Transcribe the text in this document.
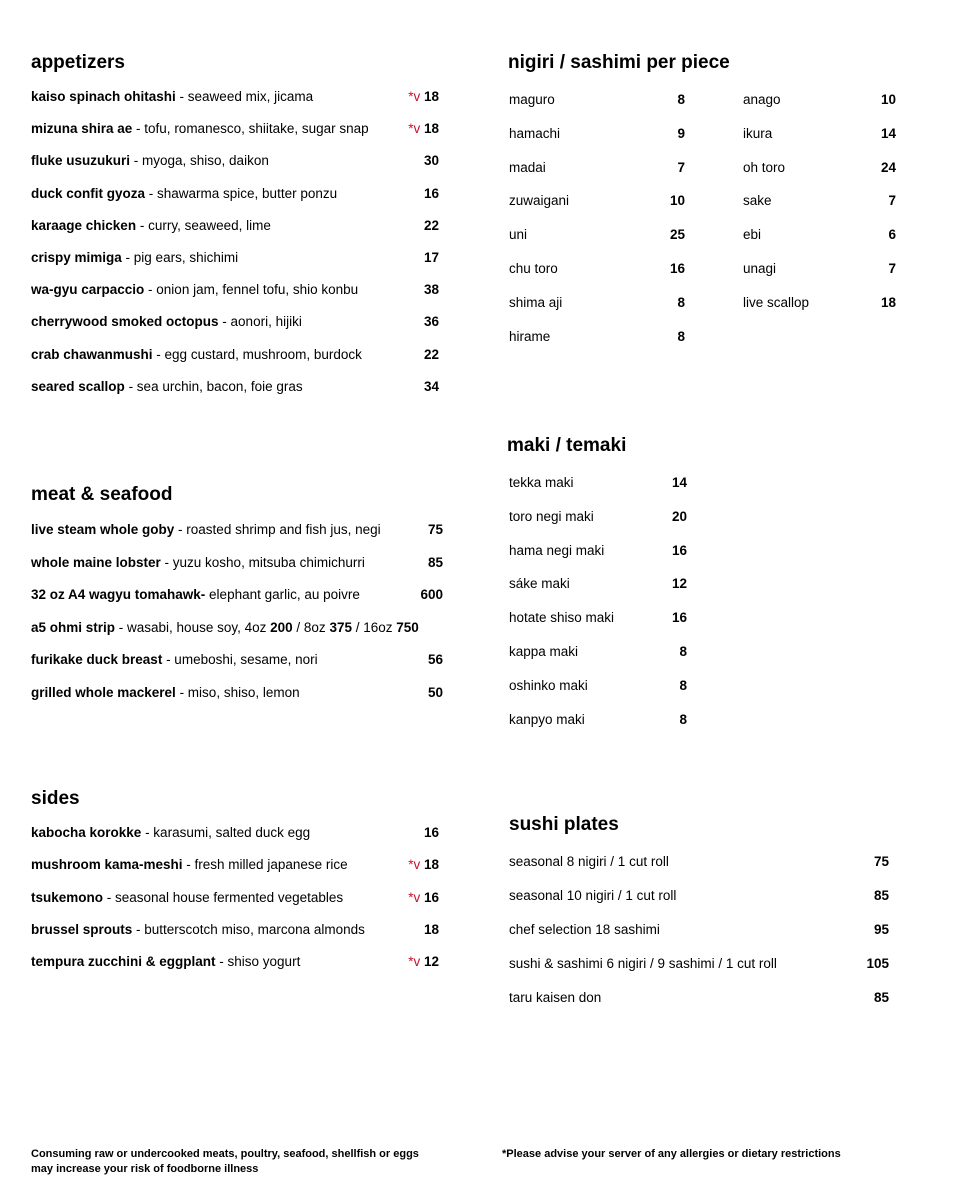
appetizers
kaiso spinach ohitashi - seaweed mix, jicama	*v 18
mizuna shira ae - tofu, romanesco, shiitake, sugar snap	*v 18
fluke usuzukuri - myoga, shiso, daikon	30
duck confit gyoza - shawarma spice, butter ponzu	16
karaage chicken - curry, seaweed, lime	22
crispy mimiga - pig ears, shichimi	17
wa-gyu carpaccio - onion jam, fennel tofu, shio konbu	38
cherrywood smoked octopus - aonori, hijiki	36
crab chawanmushi - egg custard, mushroom, burdock	22
seared scallop - sea urchin, bacon, foie gras	34
meat & seafood
live steam whole goby - roasted shrimp and fish jus, negi	75
whole maine lobster - yuzu kosho, mitsuba chimichurri	85
32 oz A4 wagyu tomahawk- elephant garlic, au poivre	600
a5 ohmi strip - wasabi, house soy, 4oz 200 / 8oz 375 / 16oz 750
furikake duck breast - umeboshi, sesame, nori	56
grilled whole mackerel - miso, shiso, lemon	50
sides
kabocha korokke - karasumi, salted duck egg	16
mushroom kama-meshi - fresh milled japanese rice	*v 18
tsukemono - seasonal house fermented vegetables	*v 16
brussel sprouts - butterscotch miso, marcona almonds	18
tempura zucchini & eggplant - shiso yogurt	*v 12
nigiri / sashimi per piece
maguro	8
hamachi	9
madai	7
zuwaigani	10
uni	25
chu toro	16
shima aji	8
hirame	8
anago	10
ikura	14
oh toro	24
sake	7
ebi	6
unagi	7
live scallop	18
maki / temaki
tekka maki	14
toro negi maki	20
hama negi maki	16
sáke maki	12
hotate shiso maki	16
kappa maki	8
oshinko maki	8
kanpyo maki	8
sushi plates
seasonal 8 nigiri / 1 cut roll	75
seasonal 10 nigiri / 1 cut roll	85
chef selection 18 sashimi	95
sushi & sashimi 6 nigiri / 9 sashimi / 1 cut roll	105
taru kaisen don	85
Consuming raw or undercooked meats, poultry, seafood, shellfish or eggs
may increase your risk of foodborne illness
*Please advise your server of any allergies or dietary restrictions
